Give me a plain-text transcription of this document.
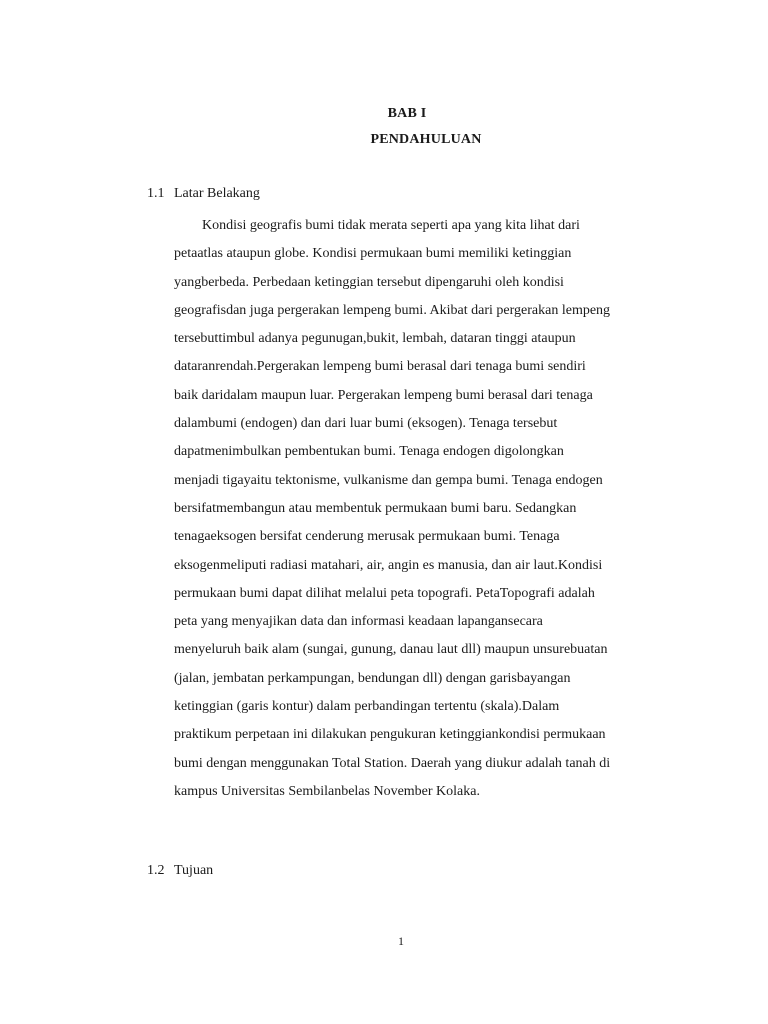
BAB I
PENDAHULUAN
1.1 Latar Belakang
Kondisi geografis bumi tidak merata seperti apa yang kita lihat dari
petaatlas ataupun globe. Kondisi permukaan bumi memiliki ketinggian
yangberbeda. Perbedaan ketinggian tersebut dipengaruhi oleh kondisi
geografisdan juga pergerakan lempeng bumi. Akibat dari pergerakan lempeng
tersebuttimbul adanya pegunugan,bukit, lembah, dataran tinggi ataupun
dataranrendah.Pergerakan lempeng bumi berasal dari tenaga bumi sendiri
baik daridalam maupun luar. Pergerakan lempeng bumi berasal dari tenaga
dalambumi (endogen) dan dari luar bumi (eksogen). Tenaga tersebut
dapatmenimbulkan pembentukan bumi. Tenaga endogen digolongkan
menjadi tigayaitu tektonisme, vulkanisme dan gempa bumi. Tenaga endogen
bersifatmembangun atau membentuk permukaan bumi baru. Sedangkan
tenagaeksogen bersifat cenderung merusak permukaan bumi. Tenaga
eksogenmeliputi radiasi matahari, air, angin es manusia, dan air laut.Kondisi
permukaan bumi dapat dilihat melalui peta topografi. PetaTopografi adalah
peta yang menyajikan data dan informasi keadaan lapangansecara
menyeluruh baik alam (sungai, gunung, danau laut dll) maupun unsurebuatan
(jalan, jembatan perkampungan, bendungan dll) dengan garisbayangan
ketinggian (garis kontur) dalam perbandingan tertentu (skala).Dalam
praktikum perpetaan ini dilakukan pengukuran ketinggiankondisi permukaan
bumi dengan menggunakan Total Station. Daerah yang diukur adalah tanah di
kampus Universitas Sembilanbelas November Kolaka.
1.2 Tujuan
1
